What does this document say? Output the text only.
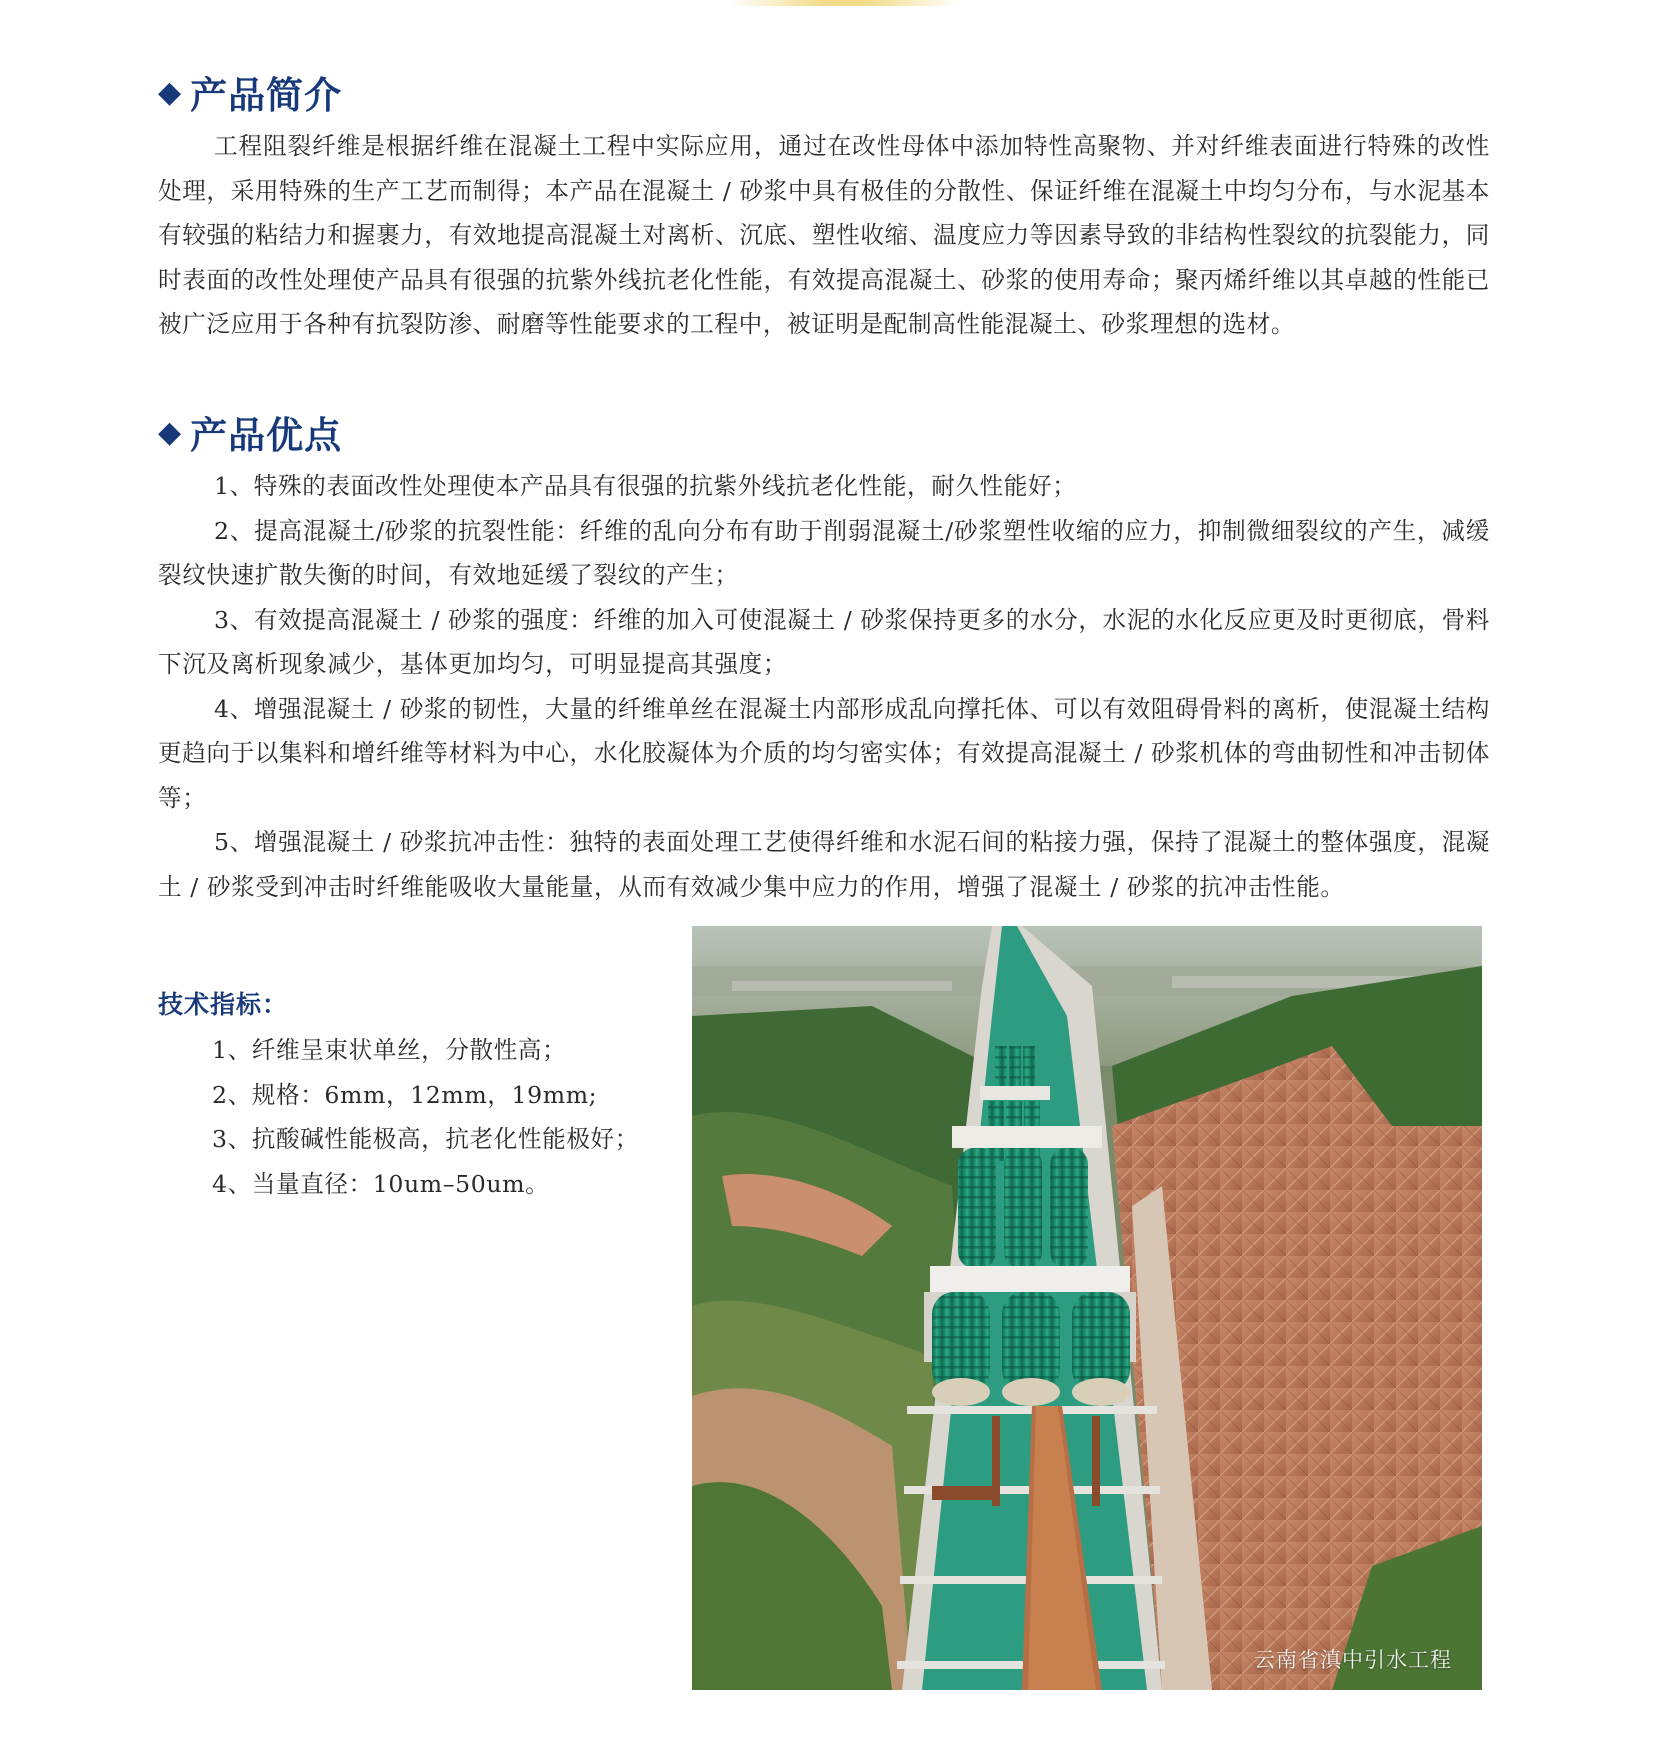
◆ 产品简介

工程阻裂纤维是根据纤维在混凝土工程中实际应用，通过在改性母体中添加特性高聚物、并对纤维表面进行特殊的改性处理，采用特殊的生产工艺而制得；本产品在混凝土 / 砂浆中具有极佳的分散性、保证纤维在混凝土中均匀分布，与水泥基本有较强的粘结力和握裹力，有效地提高混凝土对离析、沉底、塑性收缩、温度应力等因素导致的非结构性裂纹的抗裂能力，同时表面的改性处理使产品具有很强的抗紫外线抗老化性能，有效提高混凝土、砂浆的使用寿命；聚丙烯纤维以其卓越的性能已被广泛应用于各种有抗裂防渗、耐磨等性能要求的工程中，被证明是配制高性能混凝土、砂浆理想的选材。

◆ 产品优点

1、特殊的表面改性处理使本产品具有很强的抗紫外线抗老化性能，耐久性能好；

2、提高混凝土/砂浆的抗裂性能：纤维的乱向分布有助于削弱混凝土/砂浆塑性收缩的应力，抑制微细裂纹的产生，减缓裂纹快速扩散失衡的时间，有效地延缓了裂纹的产生；

3、有效提高混凝土 / 砂浆的强度：纤维的加入可使混凝土 / 砂浆保持更多的水分，水泥的水化反应更及时更彻底，骨料下沉及离析现象减少，基体更加均匀，可明显提高其强度；

4、增强混凝土 / 砂浆的韧性，大量的纤维单丝在混凝土内部形成乱向撑托体、可以有效阻碍骨料的离析，使混凝土结构更趋向于以集料和增纤维等材料为中心，水化胶凝体为介质的均匀密实体；有效提高混凝土 / 砂浆机体的弯曲韧性和冲击韧体等；

5、增强混凝土 / 砂浆抗冲击性：独特的表面处理工艺使得纤维和水泥石间的粘接力强，保持了混凝土的整体强度，混凝土 / 砂浆受到冲击时纤维能吸收大量能量，从而有效减少集中应力的作用，增强了混凝土 / 砂浆的抗冲击性能。

技术指标：
1、纤维呈束状单丝，分散性高；
2、规格：6mm，12mm，19mm;
3、抗酸碱性能极高，抗老化性能极好；
4、当量直径：10um–50um。
云南省滇中引水工程
